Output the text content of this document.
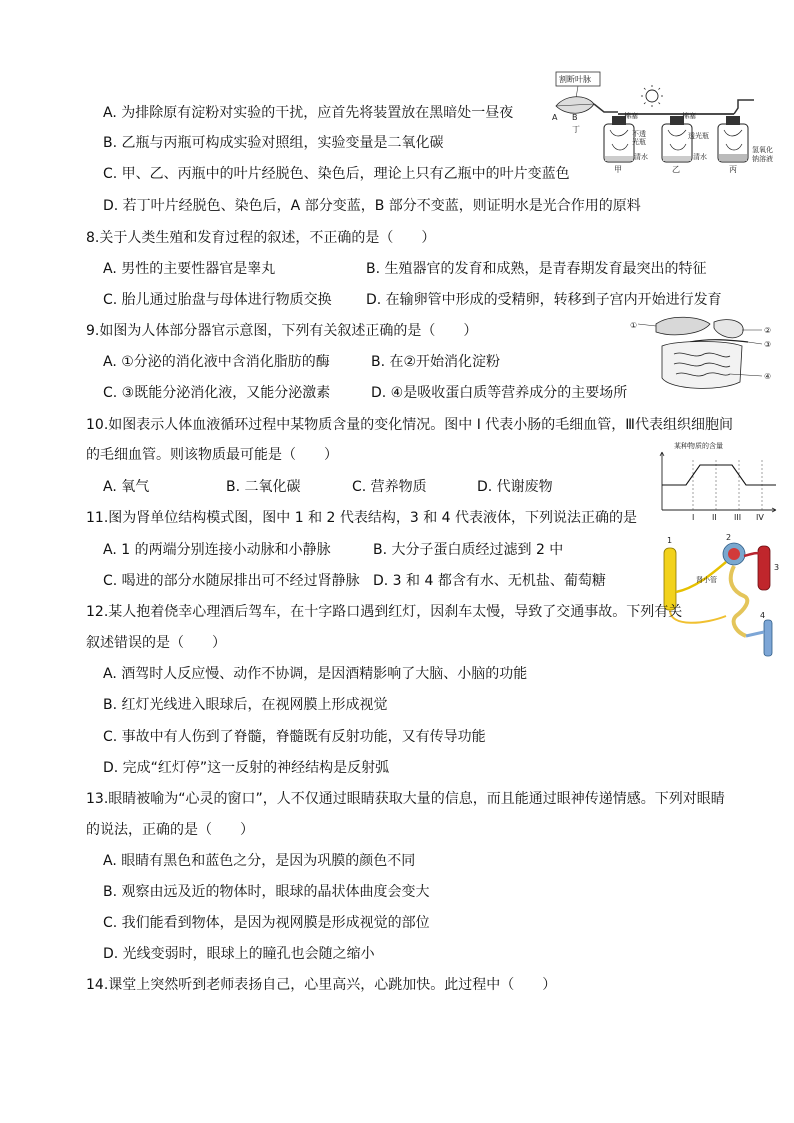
A. 为排除原有淀粉对实验的干扰，应首先将装置放在黑暗处一昼夜
B. 乙瓶与丙瓶可构成实验对照组，实验变量是二氧化碳
C. 甲、乙、丙瓶中的叶片经脱色、染色后，理论上只有乙瓶中的叶片变蓝色
D. 若丁叶片经脱色、染色后，A 部分变蓝，B 部分不变蓝，则证明水是光合作用的原料
割断叶脉
A B
丁
棉塞	棉塞
不透
光瓶
透光瓶
清水	清水
氢氧化
钠溶液
甲	乙	丙
8.关于人类生殖和发育过程的叙述，不正确的是（　　）
A. 男性的主要性器官是睾丸	B. 生殖器官的发育和成熟，是青春期发育最突出的特征
C. 胎儿通过胎盘与母体进行物质交换 D. 在输卵管中形成的受精卵，转移到子宫内开始进行发育
9.如图为人体部分器官示意图，下列有关叙述正确的是（　　）
A. ①分泌的消化液中含消化脂肪的酶	B. 在②开始消化淀粉
C. ③既能分泌消化液，又能分泌激素	D. ④是吸收蛋白质等营养成分的主要场所
①
②
③
④
10.如图表示人体血液循环过程中某物质含量的变化情况。图中 I 代表小肠的毛细血管，Ⅲ代表组织细胞间
的毛细血管。则该物质最可能是（　　）
A. 氧气	B. 二氧化碳	C. 营养物质	D. 代谢废物
某种物质的含量
I II III IV
11.图为肾单位结构模式图，图中 1 和 2 代表结构，3 和 4 代表液体，下列说法正确的是
A. 1 的两端分别连接小动脉和小静脉	B. 大分子蛋白质经过滤到 2 中
C. 喝进的部分水随尿排出可不经过肾静脉 D. 3 和 4 都含有水、无机盐、葡萄糖
1	2
3
4
肾小管
12.某人抱着侥幸心理酒后驾车，在十字路口遇到红灯，因刹车太慢，导致了交通事故。下列有关
叙述错误的是（　　）
A. 酒驾时人反应慢、动作不协调，是因酒精影响了大脑、小脑的功能
B. 红灯光线进入眼球后，在视网膜上形成视觉
C. 事故中有人伤到了脊髓，脊髓既有反射功能，又有传导功能
D. 完成“红灯停”这一反射的神经结构是反射弧
13.眼睛被喻为“心灵的窗口”，人不仅通过眼睛获取大量的信息，而且能通过眼神传递情感。下列对眼睛
的说法，正确的是（　　）
A. 眼睛有黑色和蓝色之分，是因为巩膜的颜色不同
B. 观察由远及近的物体时，眼球的晶状体曲度会变大
C. 我们能看到物体，是因为视网膜是形成视觉的部位
D. 光线变弱时，眼球上的瞳孔也会随之缩小
14.课堂上突然听到老师表扬自己，心里高兴，心跳加快。此过程中（　　）
